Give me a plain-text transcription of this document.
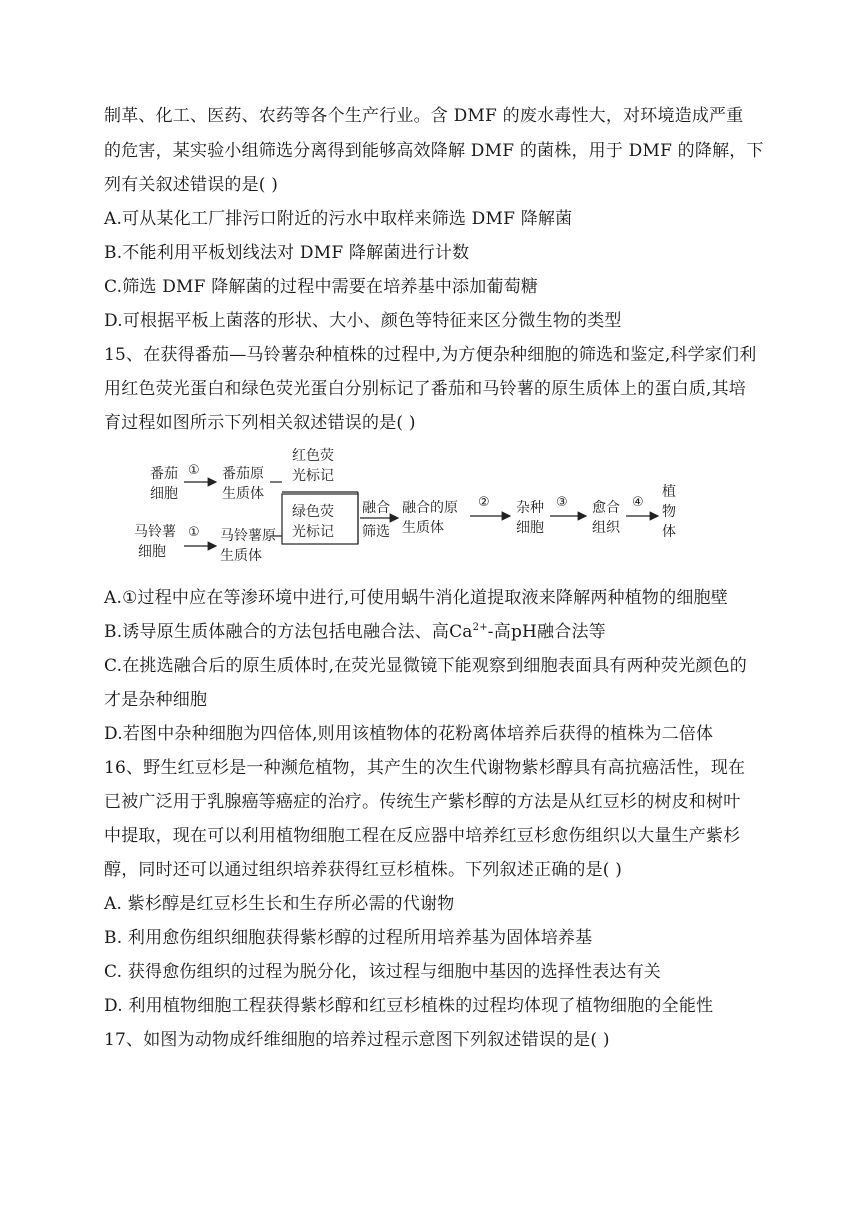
制革、化工、医药、农药等各个生产行业。含 DMF 的废水毒性大，对环境造成严重
的危害，某实验小组筛选分离得到能够高效降解 DMF 的菌株，用于 DMF 的降解，下
列有关叙述错误的是( )
A.可从某化工厂排污口附近的污水中取样来筛选 DMF 降解菌
B.不能利用平板划线法对 DMF 降解菌进行计数
C.筛选 DMF 降解菌的过程中需要在培养基中添加葡萄糖
D.可根据平板上菌落的形状、大小、颜色等特征来区分微生物的类型
15、在获得番茄—马铃薯杂种植株的过程中,为方便杂种细胞的筛选和鉴定,科学家们利
用红色荧光蛋白和绿色荧光蛋白分别标记了番茄和马铃薯的原生质体上的蛋白质,其培
育过程如图所示下列相关叙述错误的是( )
番茄
细胞
① 番茄原
生质体
红色荧
光标记
绿色荧
光标记
马铃薯
细胞
① 马铃薯原
生质体
融合
筛选
融合的原
生质体
② 杂种
细胞
③ 愈合
组织
④
植
物
体
A.①过程中应在等渗环境中进行,可使用蜗牛消化道提取液来降解两种植物的细胞壁
B.诱导原生质体融合的方法包括电融合法、高$Ca^{2+}-$高pH融合法等
C.在挑选融合后的原生质体时,在荧光显微镜下能观察到细胞表面具有两种荧光颜色的
才是杂种细胞
D.若图中杂种细胞为四倍体,则用该植物体的花粉离体培养后获得的植株为二倍体
16、野生红豆杉是一种濒危植物，其产生的次生代谢物紫杉醇具有高抗癌活性，现在
已被广泛用于乳腺癌等癌症的治疗。传统生产紫杉醇的方法是从红豆杉的树皮和树叶
中提取，现在可以利用植物细胞工程在反应器中培养红豆杉愈伤组织以大量生产紫杉
醇，同时还可以通过组织培养获得红豆杉植株。下列叙述正确的是( )
A. 紫杉醇是红豆杉生长和生存所必需的代谢物
B. 利用愈伤组织细胞获得紫杉醇的过程所用培养基为固体培养基
C. 获得愈伤组织的过程为脱分化，该过程与细胞中基因的选择性表达有关
D. 利用植物细胞工程获得紫杉醇和红豆杉植株的过程均体现了植物细胞的全能性
17、如图为动物成纤维细胞的培养过程示意图下列叙述错误的是( )
